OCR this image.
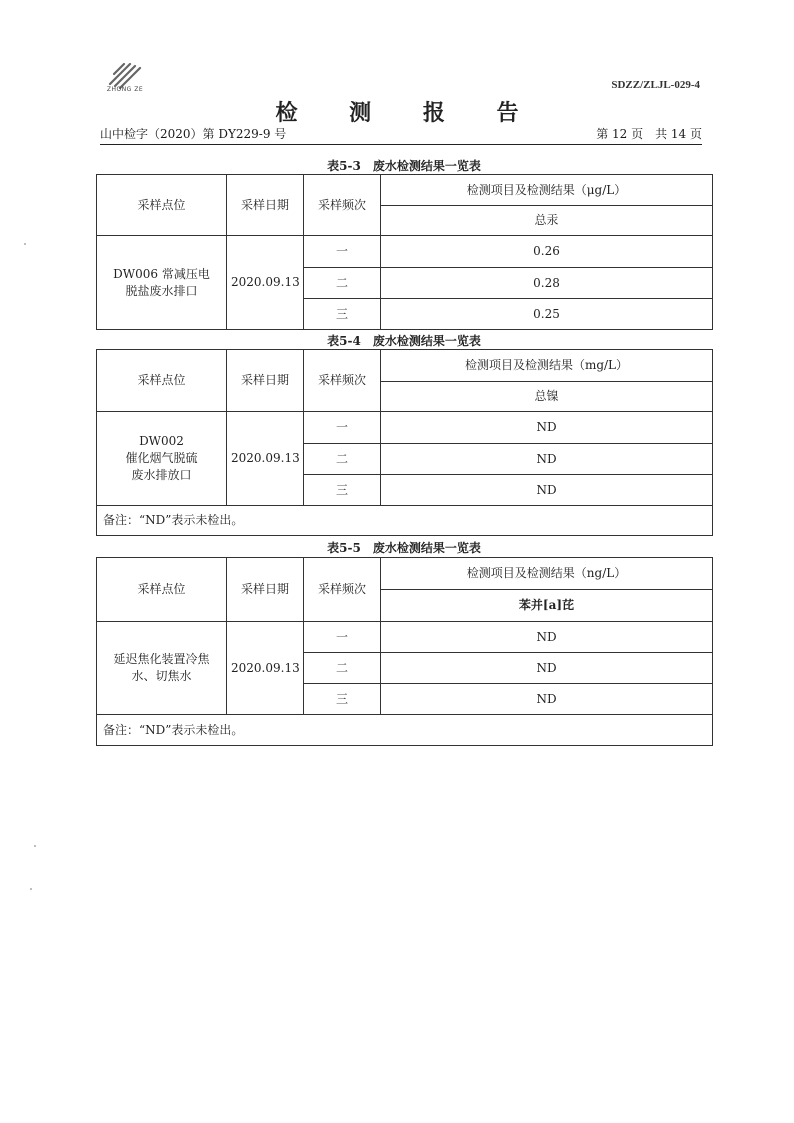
ZHONG ZE	SDZZ/ZLJL-029-4
检 测 报 告
山中检字（2020）第 DY229-9 号	第 12 页　共 14 页
表5-3　废水检测结果一览表
采样点位	采样日期	采样频次	检测项目及检测结果（μg/L）
			总汞

DW006 常减压电
脱盐废水排口	2020.09.13	一	0.26
		二	0.28
		三	0.25
表5-4　废水检测结果一览表
采样点位	采样日期	采样频次	检测项目及检测结果（mg/L）
			总镍

DW002
催化烟气脱硫
废水排放口	2020.09.13	一	ND
		二	ND
		三	ND
备注：“ND”表示未检出。			
表5-5　废水检测结果一览表
采样点位	采样日期	采样频次	检测项目及检测结果（ng/L）
			苯并[a]芘

延迟焦化装置冷焦
水、切焦水	2020.09.13	一	ND
		二	ND
		三	ND
备注：“ND”表示未检出。			
